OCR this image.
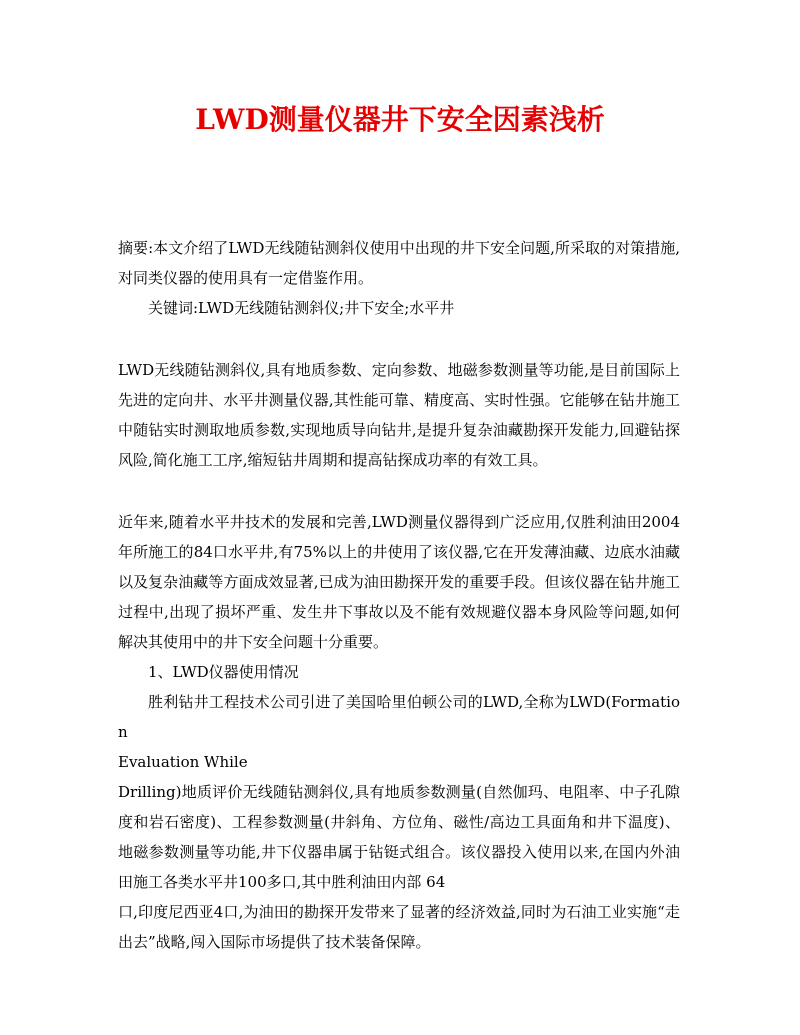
LWD测量仪器井下安全因素浅析

摘要:本文介绍了LWD无线随钻测斜仪使用中出现的井下安全问题,所采取的对策措施,对同类仪器的使用具有一定借鉴作用。

关键词:LWD无线随钻测斜仪;井下安全;水平井

LWD无线随钻测斜仪,具有地质参数、定向参数、地磁参数测量等功能,是目前国际上先进的定向井、水平井测量仪器,其性能可靠、精度高、实时性强。它能够在钻井施工中随钻实时测取地质参数,实现地质导向钻井,是提升复杂油藏勘探开发能力,回避钻探风险,简化施工工序,缩短钻井周期和提高钻探成功率的有效工具。

近年来,随着水平井技术的发展和完善,LWD测量仪器得到广泛应用,仅胜利油田2004年所施工的84口水平井,有75%以上的井使用了该仪器,它在开发薄油藏、边底水油藏以及复杂油藏等方面成效显著,已成为油田勘探开发的重要手段。但该仪器在钻井施工过程中,出现了损坏严重、发生井下事故以及不能有效规避仪器本身风险等问题,如何解决其使用中的井下安全问题十分重要。

1、LWD仪器使用情况

胜利钻井工程技术公司引进了美国哈里伯顿公司的LWD,全称为LWD(Formation

Evaluation While

Drilling)地质评价无线随钻测斜仪,具有地质参数测量(自然伽玛、电阻率、中子孔隙度和岩石密度)、工程参数测量(井斜角、方位角、磁性/高边工具面角和井下温度)、地磁参数测量等功能,井下仪器串属于钻铤式组合。该仪器投入使用以来,在国内外油田施工各类水平井100多口,其中胜利油田内部 64

口,印度尼西亚4口,为油田的勘探开发带来了显著的经济效益,同时为石油工业实施“走出去”战略,闯入国际市场提供了技术装备保障。
